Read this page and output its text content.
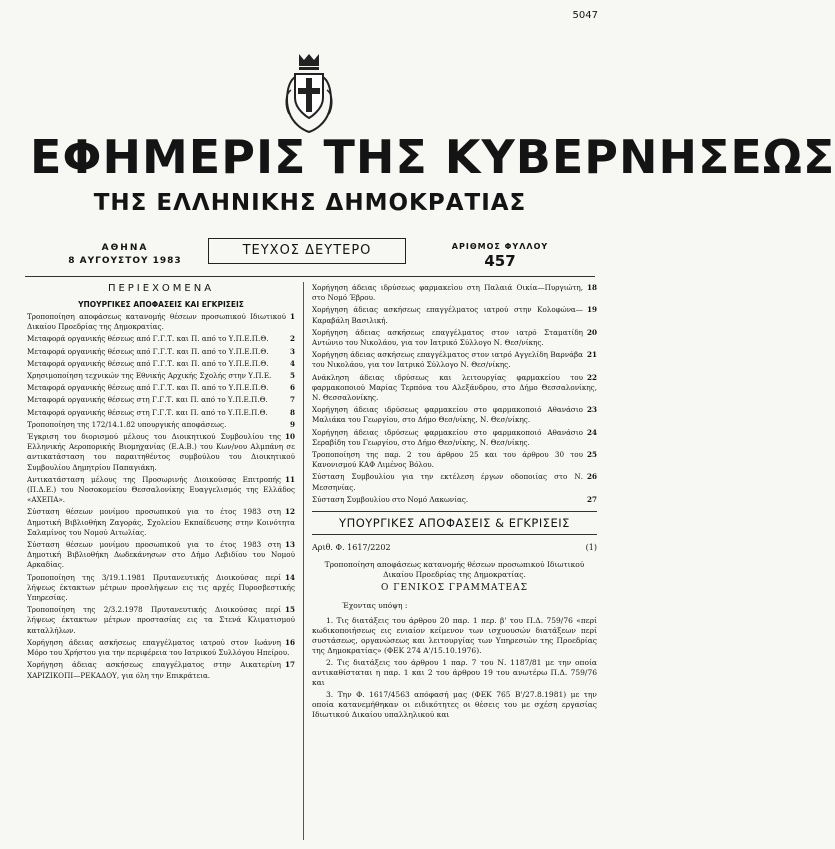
5047
ΕΦΗΜΕΡΙΣ ΤΗΣ ΚΥΒΕΡΝΗΣΕΩΣ
ΤΗΣ ΕΛΛΗΝΙΚΗΣ ΔΗΜΟΚΡΑΤΙΑΣ
ΑΘΗΝΑ
8 ΑΥΓΟΥΣΤΟΥ 1983
ΤΕΥΧΟΣ ΔΕΥΤΕΡΟ	ΑΡΙΘΜΟΣ ΦΥΛΛΟΥ
457
ΠΕΡΙΕΧΟΜΕΝΑ
ΥΠΟΥΡΓΙΚΕΣ ΑΠΟΦΑΣΕΙΣ ΚΑΙ ΕΓΚΡΙΣΕΙΣ
1
Τροποποίηση αποφάσεως κατανομής θέσεων προσωπικού Ιδιωτικού Δικαίου Προεδρίας της Δημοκρατίας.
2
Μεταφορά οργανικής θέσεως από Γ.Γ.Τ. και Π. από το Υ.Π.Ε.Π.Θ.
3
Μεταφορά οργανικής θέσεως από Γ.Γ.Τ. και Π. από το Υ.Π.Ε.Π.Θ.
4
Μεταφορά οργανικής θέσεως από Γ.Γ.Τ. και Π. από το Υ.Π.Ε.Π.Θ.
5
Χρησιμοποίηση τεχνικών της Εθνικής Αρχικής Σχολής στην Υ.Π.Ε.
6
Μεταφορά οργανικής θέσεως από Γ.Γ.Τ. και Π. από το Υ.Π.Ε.Π.Θ.
7
Μεταφορά οργανικής θέσεως στη Γ.Γ.Τ. και Π. από το Υ.Π.Ε.Π.Θ.
8
Μεταφορά οργανικής θέσεως στη Γ.Γ.Τ. και Π. από το Υ.Π.Ε.Π.Θ.
9
Τροποποίηση της 172/14.1.82 υπουργικής αποφάσεως.
10
Έγκριση του διορισμού μέλους του Διοικητικού Συμβουλίου της Ελληνικής Αεροπορικής Βιομηχανίας (Ε.Α.Β.) του Κων/νου Αλμπάνη σε αντικατάσταση του παραιτηθέντος συμβούλου του Διοικητικού Συμβουλίου Δημητρίου Παπαγιάκη.
11
Αντικατάσταση μέλους της Προσωρινής Διοικούσας Επιτροπής (Π.Δ.Ε.) του Νοσοκομείου Θεσσαλονίκης Ευαγγελισμός της Ελλάδος «ΑΧΕΠΑ».
12
Σύσταση θέσεων μονίμου προσωπικού για το έτος 1983 στη Δημοτική Βιβλιοθήκη Ζαγοράς, Σχολείου Εκπαίδευσης στην Κοινότητα Σαλαμίνος του Νομού Αιτωλίας.
13
Σύσταση θέσεων μονίμου προσωπικού για το έτος 1983 στη Δημοτική Βιβλιοθήκη Δωδεκάνησων στο Δήμο Λεβιδίου του Νομού Αρκαδίας.
14
Τροποποίηση της 3/19.1.1981 Πρυτανευτικής Διοικούσας περί λήψεως έκτακτων μέτρων προσλήψεων εις τις αρχές Πυροσβεστικής Υπηρεσίας.
15
Τροποποίηση της 2/3.2.1978 Πρυτανευτικής Διοικούσας περί λήψεως έκτακτων μέτρων προστασίας εις τα Στενά Κλιματισμού καταλλήλων.
16
Χορήγηση άδειας ασκήσεως επαγγέλματος ιατρού στον Ιωάννη Μόρο του Χρήστου για την περιφέρεια του Ιατρικού Συλλόγου Ηπείρου.
17
Χορήγηση άδειας ασκήσεως επαγγέλματος στην Αικατερίνη ΧΑΡΙΖΙΚΟΠΙ—ΡΕΚΑΔΟΥ, για όλη την Επικράτεια.
18
Χορήγηση άδειας ιδρύσεως φαρμακείου στη Παλαιά Οικία—Πυργιώτη, στο Νομό Έβρου.
19
Χορήγηση άδειας ασκήσεως επαγγέλματος ιατρού στην Κολοφώνα—Καραβάλη Βασιλική.
20
Χορήγηση άδειας ασκήσεως επαγγέλματος στον ιατρό Σταματίδη Αντώνιο του Νικολάου, για τον Ιατρικό Σύλλογο Ν. Θεσ/νίκης.
21
Χορήγηση άδειας ασκήσεως επαγγέλματος στον ιατρό Αγγελίδη Βαρνάβα του Νικολάου, για τον Ιατρικό Σύλλογο Ν. Θεσ/νίκης.
22
Ανάκληση άδειας ιδρύσεως και λειτουργίας φαρμακείου του φαρμακοποιού Μαρίας Τερπόνα του Αλεξάνδρου, στο Δήμο Θεσσαλονίκης, Ν. Θεσσαλονίκης.
23
Χορήγηση άδειας ιδρύσεως φαρμακείου στο φαρμακοποιό Αθανάσιο Μαλιάκα του Γεωργίου, στο Δήμο Θεσ/νίκης, Ν. Θεσ/νίκης.
24
Χορήγηση άδειας ιδρύσεως φαρμακείου στο φαρμακοποιό Αθανάσιο Σεραβίδη του Γεωργίου, στο Δήμο Θεσ/νίκης, Ν. Θεσ/νίκης.
25
Τροποποίηση της παρ. 2 του άρθρου 25 και του άρθρου 30 του Κανονισμού ΚΑΦ Λιμένος Βόλου.
26
Σύσταση Συμβουλίου για την εκτέλεση έργων οδοποιίας στο Ν. Μεσσηνίας.
27
Σύσταση Συμβουλίου στο Νομό Λακωνίας.
ΥΠΟΥΡΓΙΚΕΣ ΑΠΟΦΑΣΕΙΣ & ΕΓΚΡΙΣΕΙΣ
Αριθ. Φ. 1617/2202	(1)
Τροποποίηση αποφάσεως κατανομής θέσεων προσωπικού Ιδιωτικού Δικαίου Προεδρίας της Δημοκρατίας.
Ο ΓΕΝΙΚΟΣ ΓΡΑΜΜΑΤΕΑΣ
Έχοντας υπόψη :
1. Τις διατάξεις του άρθρου 20 παρ. 1 περ. β' του Π.Δ. 759/76 «περί κωδικοποιήσεως εις ενιαίον κείμενον των ισχυουσών διατάξεων περί συστάσεως, οργανώσεως και λειτουργίας των Υπηρεσιών της Προεδρίας της Δημοκρατίας» (ΦΕΚ 274 Α'/15.10.1976).
2. Τις διατάξεις του άρθρου 1 παρ. 7 του Ν. 1187/81 με την οποία αντικαθίσταται η παρ. 1 και 2 του άρθρου 19 του ανωτέρω Π.Δ. 759/76 και
3. Την Φ. 1617/4563 απόφασή μας (ΦΕΚ 765 Β'/27.8.1981) με την οποία κατανεμήθηκαν οι ειδικότητες οι θέσεις του με σχέση εργασίας Ιδιωτικού Δικαίου υπαλληλικού και
